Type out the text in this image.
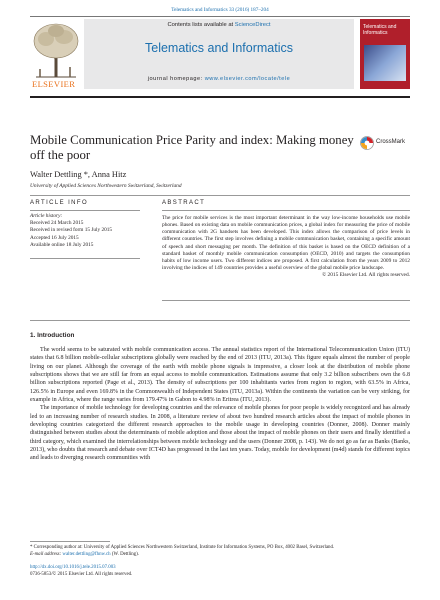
Telematics and Informatics 33 (2016) 187–204
ELSEVIER
Contents lists available at ScienceDirect
Telematics and Informatics
journal homepage: www.elsevier.com/locate/tele
Telematics and Informatics
Mobile Communication Price Parity and index: Making money off the poor
CrossMark
Walter Dettling *, Anna Hitz
University of Applied Sciences Northwestern Switzerland, Switzerland
ARTICLE INFO
Article history:
Received 24 March 2015
Received in revised form 15 July 2015
Accepted 16 July 2015
Available online 18 July 2015
ABSTRACT
The price for mobile services is the most important determinant in the way low-income households use mobile phones. Based on existing data on mobile communication prices, a global index for measuring the price of mobile communication with 2G handsets has been developed. This index allows the comparison of price levels in different countries. The first step involves defining a mobile communication basket, containing a specific amount of speech and short messaging per month. The definition of this basket is based on the OECD definition of a standard basket of monthly mobile communication consumption (OECD, 2010) and targets the consumption habits of low income users. Two different indices are proposed. A first calculation from the years 2009 to 2012 involving the indices of 149 countries provides a useful overview of the global mobile price landscape.
© 2015 Elsevier Ltd. All rights reserved.
1. Introduction

The world seems to be saturated with mobile communication access. The annual statistics report of the International Telecommunication Union (ITU) states that 6.8 billion mobile-cellular subscriptions globally were reached by the end of 2013 (ITU, 2013a). This figure equals almost the number of people living on our planet. Although the coverage of the earth with mobile phone signals is impressive, a closer look at the distribution of mobile phone subscriptions shows that we are still far from an equal access to mobile communication. Estimations assume that only 3.2 billion subscribers own the 6.8 billion subscriptions reported (Page et al., 2013). The density of subscriptions per 100 inhabitants varies from region to region, with 63.5% in Africa, 126.5% in Europe and even 169.8% in the Commonwealth of Independent States (ITU, 2013a). Within the continents the variation can be very striking, for example in Africa, where the range varies from 179.47% in Gabon to 4.98% in Eritrea (ITU, 2013).

The importance of mobile technology for developing countries and the relevance of mobile phones for poor people is widely recognized and has already led to an increasing number of research studies. In 2008, a literature review of about two hundred research articles about the impact of mobile phones in developing countries categorized the different research approaches to the mobile usage in developing countries (Donner, 2008). Donner mainly distinguished between studies about the determinants of mobile adoption and those about the impact of mobile phones on their users and finally identified a third category, which examined the interrelationships between mobile technology and the users (Donner 2008, p. 143). We do not go as far as Banks (Banks, 2013), who doubts that research and debate over ICT4D has progressed in the last ten years. Today, mobile for development (m4d) stands for different topics and leads to diverging research communities with

* Corresponding author at: University of Applied Sciences Northwestern Switzerland, Institute for Information Systems, PO Box, 4002 Basel, Switzerland.
E-mail address: walter.dettling@fhnw.ch (W. Dettling).
http://dx.doi.org/10.1016/j.tele.2015.07.003
0736-5853/© 2015 Elsevier Ltd. All rights reserved.
